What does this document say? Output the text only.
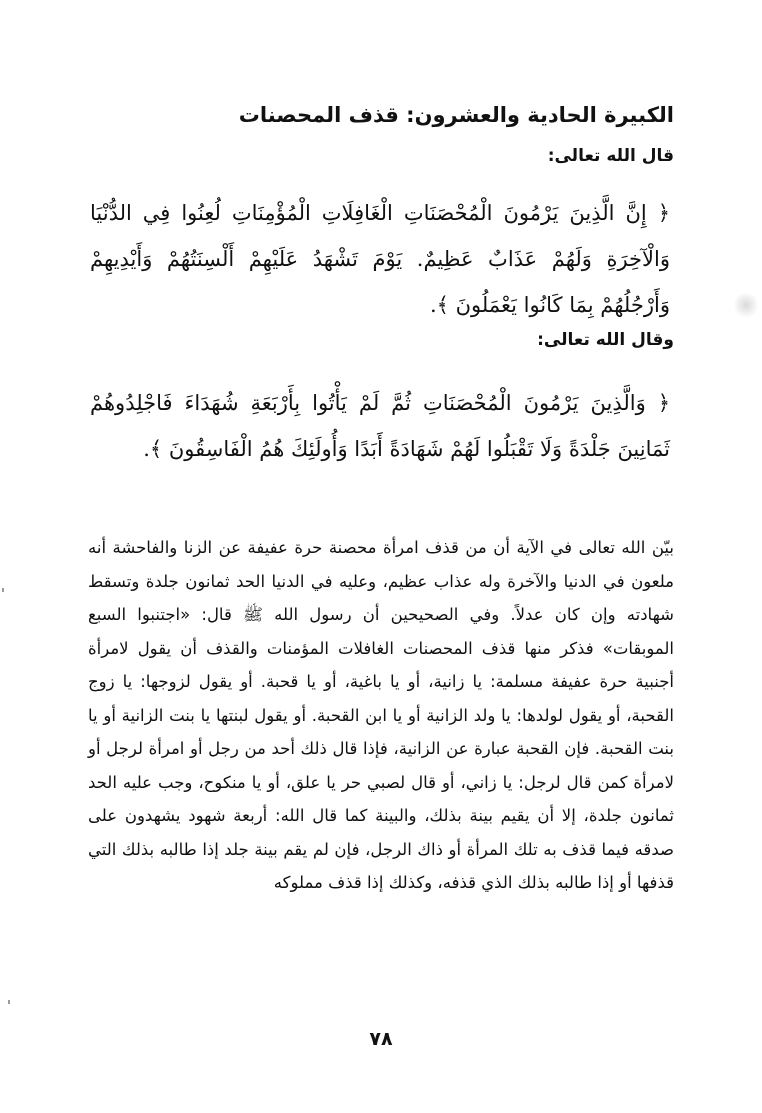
الكبيرة الحادية والعشرون: قذف المحصنات
قال الله تعالى:
﴿ إِنَّ الَّذِينَ يَرْمُونَ الْمُحْصَنَاتِ الْغَافِلَاتِ الْمُؤْمِنَاتِ لُعِنُوا فِي الدُّنْيَا وَالْآخِرَةِ وَلَهُمْ عَذَابٌ عَظِيمٌ. يَوْمَ تَشْهَدُ عَلَيْهِمْ أَلْسِنَتُهُمْ وَأَيْدِيهِمْ وَأَرْجُلُهُمْ بِمَا كَانُوا يَعْمَلُونَ ﴾.
وقال الله تعالى:
﴿ وَالَّذِينَ يَرْمُونَ الْمُحْصَنَاتِ ثُمَّ لَمْ يَأْتُوا بِأَرْبَعَةِ شُهَدَاءَ فَاجْلِدُوهُمْ ثَمَانِينَ جَلْدَةً وَلَا تَقْبَلُوا لَهُمْ شَهَادَةً أَبَدًا وَأُولَئِكَ هُمُ الْفَاسِقُونَ ﴾.
بيّن الله تعالى في الآية أن من قذف امرأة محصنة حرة عفيفة عن الزنا والفاحشة أنه ملعون في الدنيا والآخرة وله عذاب عظيم، وعليه في الدنيا الحد ثمانون جلدة وتسقط شهادته وإن كان عدلاً. وفي الصحيحين أن رسول الله ﷺ قال: «اجتنبوا السبع الموبقات» فذكر منها قذف المحصنات الغافلات المؤمنات والقذف أن يقول لامرأة أجنبية حرة عفيفة مسلمة: يا زانية، أو يا باغية، أو يا قحبة. أو يقول لزوجها: يا زوج القحبة، أو يقول لولدها: يا ولد الزانية أو يا ابن القحبة. أو يقول لبنتها يا بنت الزانية أو يا بنت القحبة. فإن القحبة عبارة عن الزانية، فإذا قال ذلك أحد من رجل أو امرأة لرجل أو لامرأة كمن قال لرجل: يا زاني، أو قال لصبي حر يا علق، أو يا منكوح، وجب عليه الحد ثمانون جلدة، إلا أن يقيم بينة بذلك، والبينة كما قال الله: أربعة شهود يشهدون على صدقه فيما قذف به تلك المرأة أو ذاك الرجل، فإن لم يقم بينة جلد إذا طالبه بذلك التي قذفها أو إذا طالبه بذلك الذي قذفه، وكذلك إذا قذف مملوكه
٧٨
